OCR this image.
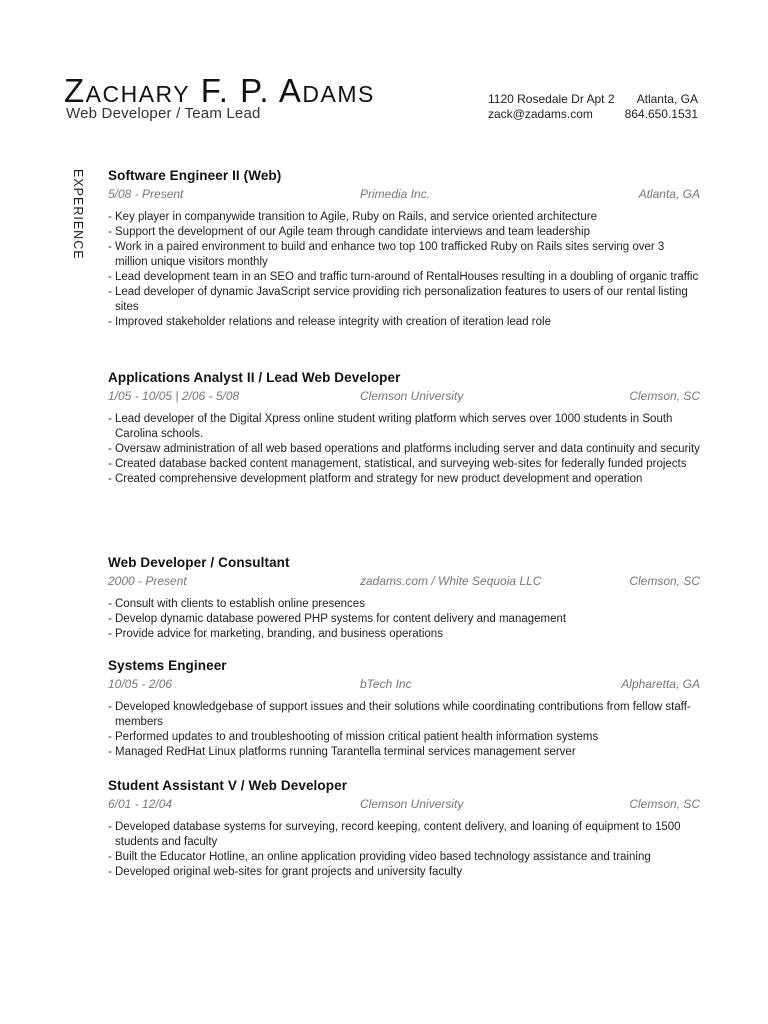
Zachary F. P. Adams
Web Developer / Team Lead
1120 Rosedale Dr Apt 2 Atlanta, GA
zack@zadams.com	864.650.1531
EXPERIENCE Software Engineer II (Web)
5/08 - Present	Primedia Inc.	Atlanta, GA
- Key player in companywide transition to Agile, Ruby on Rails, and service oriented architecture
- Support the development of our Agile team through candidate interviews and team leadership
- Work in a paired environment to build and enhance two top 100 trafficked Ruby on Rails sites serving over 3 million unique visitors monthly
- Lead development team in an SEO and traffic turn-around of RentalHouses resulting in a doubling of organic traffic
- Lead developer of dynamic JavaScript service providing rich personalization features to users of our rental listing sites
- Improved stakeholder relations and release integrity with creation of iteration lead role
Applications Analyst II / Lead Web Developer
1/05 - 10/05 | 2/06 - 5/08	Clemson University	Clemson, SC
- Lead developer of the Digital Xpress online student writing platform which serves over 1000 students in South Carolina schools.
- Oversaw administration of all web based operations and platforms including server and data continuity and security
- Created database backed content management, statistical, and surveying web-sites for federally funded projects
- Created comprehensive development platform and strategy for new product development and operation
Web Developer / Consultant
2000 - Present	zadams.com / White Sequoia LLC	Clemson, SC
- Consult with clients to establish online presences
- Develop dynamic database powered PHP systems for content delivery and management
- Provide advice for marketing, branding, and business operations
Systems Engineer
10/05 - 2/06	bTech Inc	Alpharetta, GA
- Developed knowledgebase of support issues and their solutions while coordinating contributions from fellow staff-members
- Performed updates to and troubleshooting of mission critical patient health information systems
- Managed RedHat Linux platforms running Tarantella terminal services management server
Student Assistant V / Web Developer
6/01 - 12/04	Clemson University	Clemson, SC
- Developed database systems for surveying, record keeping, content delivery, and loaning of equipment to 1500 students and faculty
- Built the Educator Hotline, an online application providing video based technology assistance and training
- Developed original web-sites for grant projects and university faculty
